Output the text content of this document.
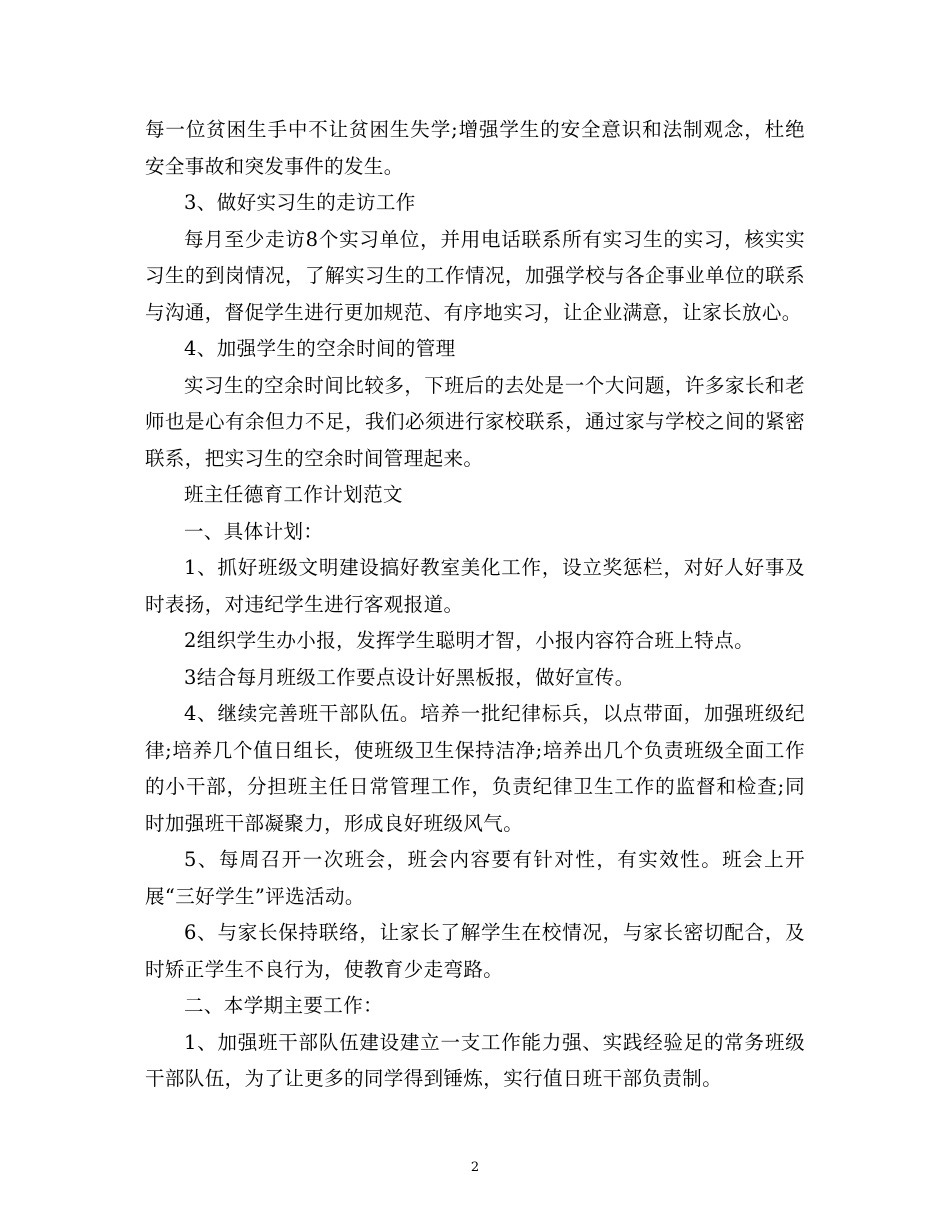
每一位贫困生手中不让贫困生失学;增强学生的安全意识和法制观念，杜绝安全事故和突发事件的发生。

3、做好实习生的走访工作

每月至少走访8个实习单位，并用电话联系所有实习生的实习，核实实习生的到岗情况，了解实习生的工作情况，加强学校与各企事业单位的联系与沟通，督促学生进行更加规范、有序地实习，让企业满意，让家长放心。

4、加强学生的空余时间的管理

实习生的空余时间比较多，下班后的去处是一个大问题，许多家长和老师也是心有余但力不足，我们必须进行家校联系，通过家与学校之间的紧密联系，把实习生的空余时间管理起来。

班主任德育工作计划范文

一、具体计划：

1、抓好班级文明建设搞好教室美化工作，设立奖惩栏，对好人好事及时表扬，对违纪学生进行客观报道。

2组织学生办小报，发挥学生聪明才智，小报内容符合班上特点。

3结合每月班级工作要点设计好黑板报，做好宣传。

4、继续完善班干部队伍。培养一批纪律标兵，以点带面，加强班级纪律;培养几个值日组长，使班级卫生保持洁净;培养出几个负责班级全面工作的小干部，分担班主任日常管理工作，负责纪律卫生工作的监督和检查;同时加强班干部凝聚力，形成良好班级风气。

5、每周召开一次班会，班会内容要有针对性，有实效性。班会上开展“三好学生”评选活动。

6、与家长保持联络，让家长了解学生在校情况，与家长密切配合，及时矫正学生不良行为，使教育少走弯路。

二、本学期主要工作：

1、加强班干部队伍建设建立一支工作能力强、实践经验足的常务班级干部队伍，为了让更多的同学得到锤炼，实行值日班干部负责制。

2
